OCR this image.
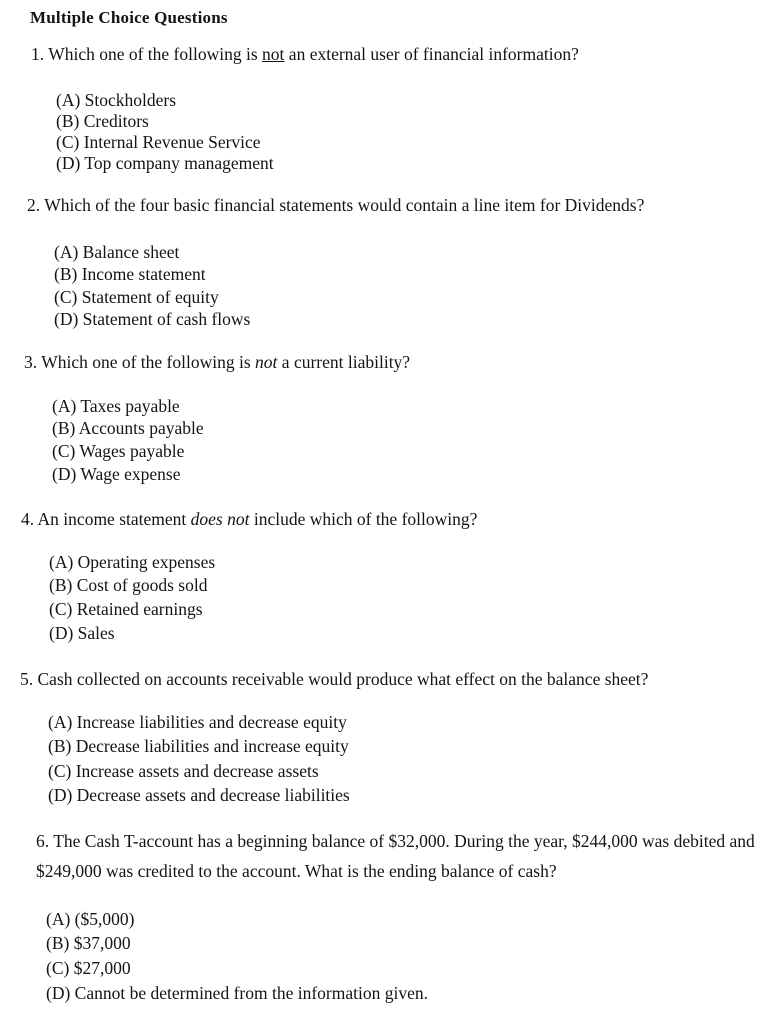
Multiple Choice Questions
1. Which one of the following is not an external user of financial information?
(A) Stockholders
(B) Creditors
(C) Internal Revenue Service
(D) Top company management
2. Which of the four basic financial statements would contain a line item for Dividends?
(A) Balance sheet
(B) Income statement
(C) Statement of equity
(D) Statement of cash flows
3. Which one of the following is not a current liability?
(A) Taxes payable
(B) Accounts payable
(C) Wages payable
(D) Wage expense
4. An income statement does not include which of the following?
(A) Operating expenses
(B) Cost of goods sold
(C) Retained earnings
(D) Sales
5. Cash collected on accounts receivable would produce what effect on the balance sheet?
(A) Increase liabilities and decrease equity
(B) Decrease liabilities and increase equity
(C) Increase assets and decrease assets
(D) Decrease assets and decrease liabilities
6. The Cash T-account has a beginning balance of $32,000. During the year, $244,000 was debited and $249,000 was credited to the account. What is the ending balance of cash?
(A) ($5,000)
(B) $37,000
(C) $27,000
(D) Cannot be determined from the information given.
